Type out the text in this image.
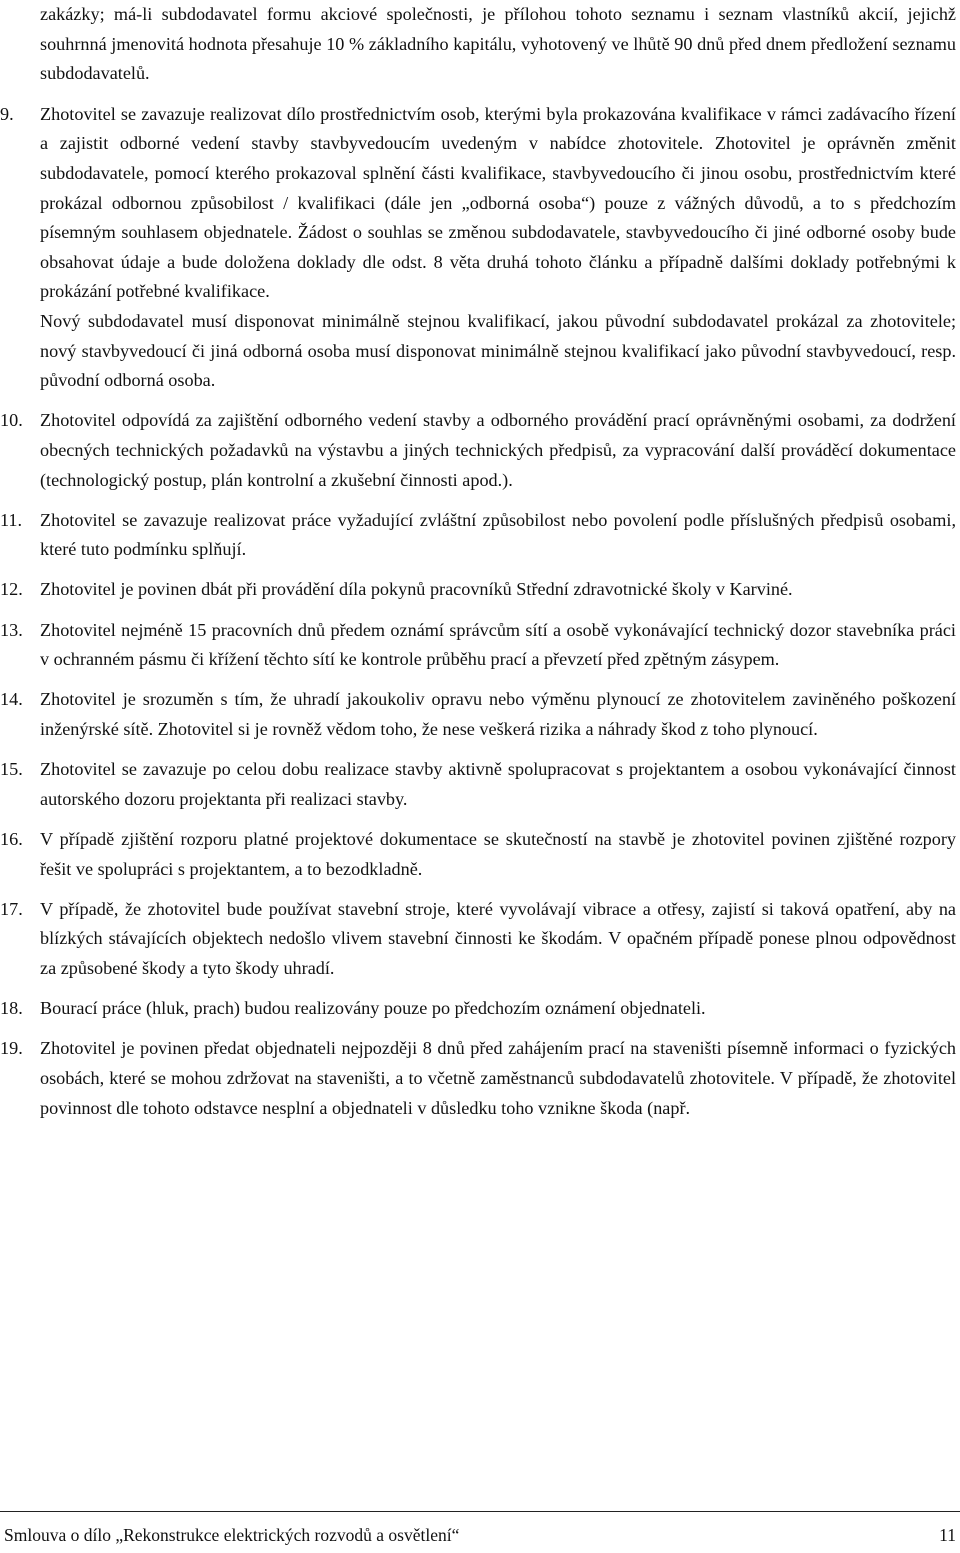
zakázky; má-li subdodavatel formu akciové společnosti, je přílohou tohoto seznamu i seznam vlastníků akcií, jejichž souhrnná jmenovitá hodnota přesahuje 10 % základního kapitálu, vyhotovený ve lhůtě 90 dnů před dnem předložení seznamu subdodavatelů.

9.	Zhotovitel se zavazuje realizovat dílo prostřednictvím osob, kterými byla prokazována kvalifikace v rámci zadávacího řízení a zajistit odborné vedení stavby stavbyvedoucím uvedeným v nabídce zhotovitele. Zhotovitel je oprávněn změnit subdodavatele, pomocí kterého prokazoval splnění části kvalifikace, stavbyvedoucího či jinou osobu, prostřednictvím které prokázal odbornou způsobilost / kvalifikaci (dále jen „odborná osoba“) pouze z vážných důvodů, a to s předchozím písemným souhlasem objednatele. Žádost o souhlas se změnou subdodavatele, stavbyvedoucího či jiné odborné osoby bude obsahovat údaje a bude doložena doklady dle odst. 8 věta druhá tohoto článku a případně dalšími doklady potřebnými k prokázání potřebné kvalifikace.

Nový subdodavatel musí disponovat minimálně stejnou kvalifikací, jakou původní subdodavatel prokázal za zhotovitele; nový stavbyvedoucí či jiná odborná osoba musí disponovat minimálně stejnou kvalifikací jako původní stavbyvedoucí, resp. původní odborná osoba.

10. Zhotovitel odpovídá za zajištění odborného vedení stavby a odborného provádění prací oprávněnými osobami, za dodržení obecných technických požadavků na výstavbu a jiných technických předpisů, za vypracování další prováděcí dokumentace (technologický postup, plán kontrolní a zkušební činnosti apod.).

11. Zhotovitel se zavazuje realizovat práce vyžadující zvláštní způsobilost nebo povolení podle příslušných předpisů osobami, které tuto podmínku splňují.

12. Zhotovitel je povinen dbát při provádění díla pokynů pracovníků Střední zdravotnické školy v Karviné.

13. Zhotovitel nejméně 15 pracovních dnů předem oznámí správcům sítí a osobě vykonávající technický dozor stavebníka práci v ochranném pásmu či křížení těchto sítí ke kontrole průběhu prací a převzetí před zpětným zásypem.

14. Zhotovitel je srozuměn s tím, že uhradí jakoukoliv opravu nebo výměnu plynoucí ze zhotovitelem zaviněného poškození inženýrské sítě. Zhotovitel si je rovněž vědom toho, že nese veškerá rizika a náhrady škod z toho plynoucí.

15. Zhotovitel se zavazuje po celou dobu realizace stavby aktivně spolupracovat s projektantem a osobou vykonávající činnost autorského dozoru projektanta při realizaci stavby.

16. V případě zjištění rozporu platné projektové dokumentace se skutečností na stavbě je zhotovitel povinen zjištěné rozpory řešit ve spolupráci s projektantem, a to bezodkladně.

17. V případě, že zhotovitel bude používat stavební stroje, které vyvolávají vibrace a otřesy, zajistí si taková opatření, aby na blízkých stávajících objektech nedošlo vlivem stavební činnosti ke škodám. V opačném případě ponese plnou odpovědnost za způsobené škody a tyto škody uhradí.

18. Bourací práce (hluk, prach) budou realizovány pouze po předchozím oznámení objednateli.

19. Zhotovitel je povinen předat objednateli nejpozději 8 dnů před zahájením prací na staveništi písemně informaci o fyzických osobách, které se mohou zdržovat na staveništi, a to včetně zaměstnanců subdodavatelů zhotovitele. V případě, že zhotovitel povinnost dle tohoto odstavce nesplní a objednateli v důsledku toho vznikne škoda (např.

Smlouva o dílo „Rekonstrukce elektrických rozvodů a osvětlení“	11
